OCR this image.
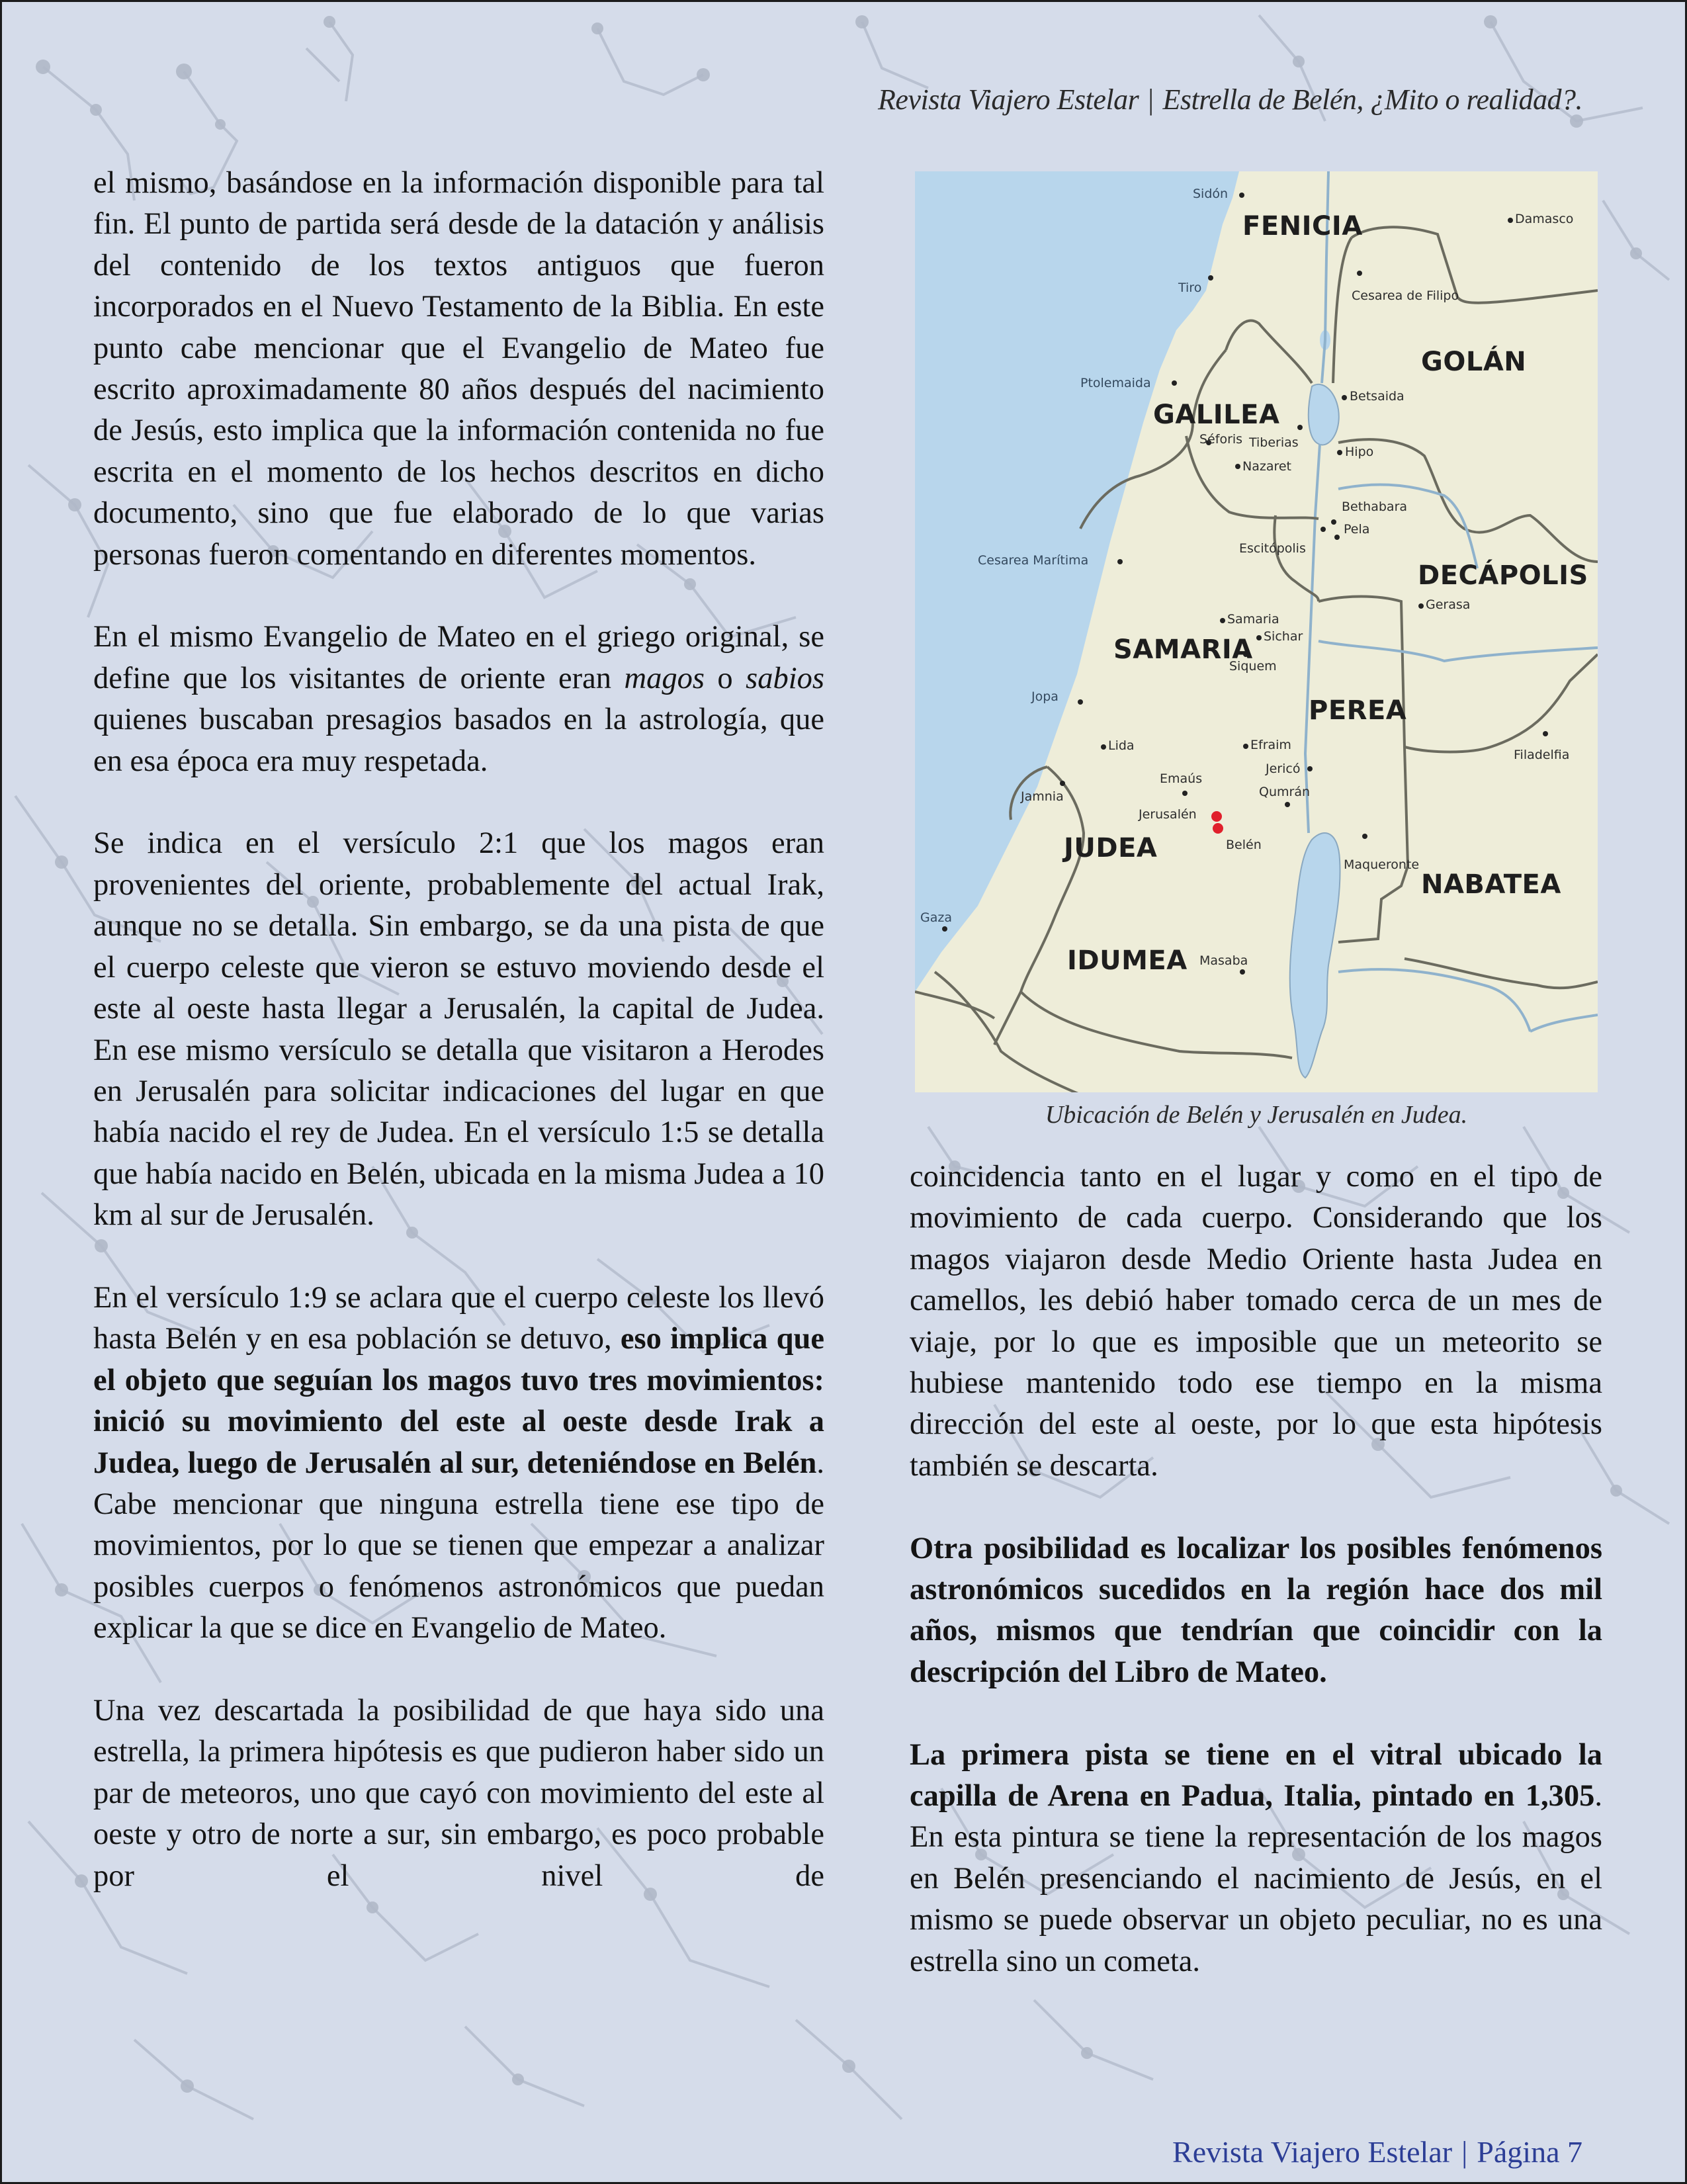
Revista Viajero Estelar | Estrella de Belén, ¿Mito o realidad?.

el mismo, basándose en la información disponible para tal fin. El punto de partida será desde de la datación y análisis del contenido de los textos antiguos que fueron incorporados en el Nuevo Testamento de la Biblia. En este punto cabe mencionar que el Evangelio de Mateo fue escrito aproximadamente 80 años después del nacimiento de Jesús, esto implica que la información contenida no fue escrita en el momento de los hechos descritos en dicho documento, sino que fue elaborado de lo que varias personas fueron comentando en diferentes momentos.

En el mismo Evangelio de Mateo en el griego original, se define que los visitantes de oriente eran magos o sabios quienes buscaban presagios basados en la astrología, que en esa época era muy respetada.

Se indica en el versículo 2:1 que los magos eran provenientes del oriente, probablemente del actual Irak, aunque no se detalla. Sin embargo, se da una pista de que el cuerpo celeste que vieron se estuvo moviendo desde el este al oeste hasta llegar a Jerusalén, la capital de Judea. En ese mismo versículo se detalla que visitaron a Herodes en Jerusalén para solicitar indicaciones del lugar en que había nacido el rey de Judea. En el versículo 1:5 se detalla que había nacido en Belén, ubicada en la misma Judea a 10 km al sur de Jerusalén.

En el versículo 1:9 se aclara que el cuerpo celeste los llevó hasta Belén y en esa población se detuvo, eso implica que el objeto que seguían los magos tuvo tres movimientos: inició su movimiento del este al oeste desde Irak a Judea, luego de Jerusalén al sur, deteniéndose en Belén. Cabe mencionar que ninguna estrella tiene ese tipo de movimientos, por lo que se tienen que empezar a analizar posibles cuerpos o fenómenos astronómicos que puedan explicar la que se dice en Evangelio de Mateo.

Una vez descartada la posibilidad de que haya sido una estrella, la primera hipótesis es que pudieron haber sido un par de meteoros, uno que cayó con movimiento del este al oeste y otro de norte a sur, sin embargo, es poco probable por el nivel de

FENICIA
GOLÁN
GALILEA
DECÁPOLIS
SAMARIA
PEREA
JUDEA
NABATEA
IDUMEA
Sidón
Damasco
Tiro
Cesarea de Filipo
Ptolemaida
Betsaida
Séforis Tiberias
Nazaret
Hipo
Bethabara
Pela
Escitópolis
Cesarea Marítima
Gerasa
Samaria
Sichar
Siquem
Jopa
Filadelfia
Lida	Efraim
Jamnia
Emaús
Jericó
Qumrán
Jerusalén
Belén
Maqueronte
Gaza
Masaba
Ubicación de Belén y Jerusalén en Judea.

coincidencia tanto en el lugar y como en el tipo de movimiento de cada cuerpo. Considerando que los magos viajaron desde Medio Oriente hasta Judea en camellos, les debió haber tomado cerca de un mes de viaje, por lo que es imposible que un meteorito se hubiese mantenido todo ese tiempo en la misma dirección del este al oeste, por lo que esta hipótesis también se descarta.

Otra posibilidad es localizar los posibles fenómenos astronómicos sucedidos en la región hace dos mil años, mismos que tendrían que coincidir con la descripción del Libro de Mateo.

La primera pista se tiene en el vitral ubicado la capilla de Arena en Padua, Italia, pintado en 1,305. En esta pintura se tiene la representación de los magos en Belén presenciando el nacimiento de Jesús, en el mismo se puede observar un objeto peculiar, no es una estrella sino un cometa.

Revista Viajero Estelar | Página 7
